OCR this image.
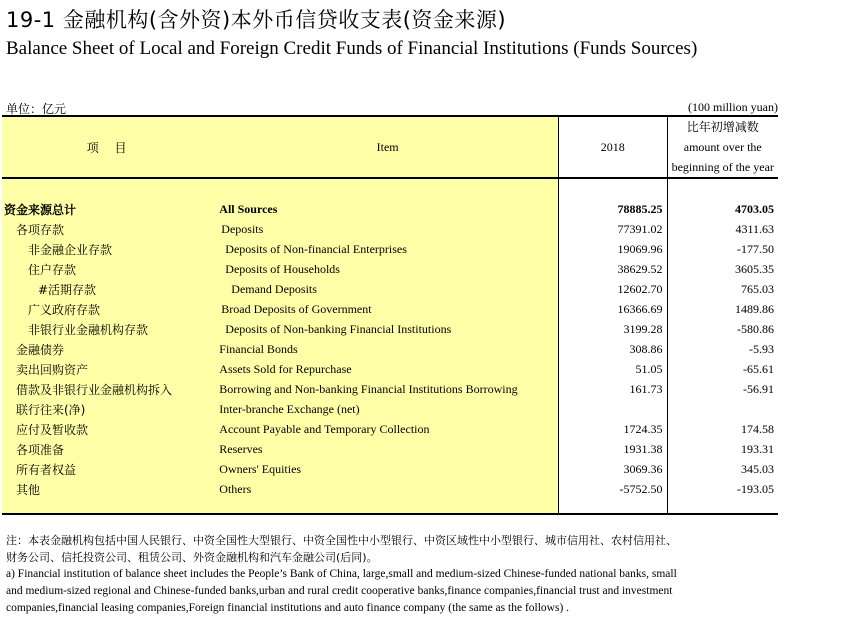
19-1 金融机构(含外资)本外币信贷收支表(资金来源)
Balance Sheet of Local and Foreign Credit Funds of Financial Institutions (Funds Sources)
单位：亿元	(100 million yuan)
项 目	Item	2018	比年初增减数
amount over the
beginning of the year

资金来源总计	All Sources	78885.25	4703.05
各项存款	Deposits	77391.02	4311.63
非金融企业存款	Deposits of Non-financial Enterprises	19069.96	-177.50
住户存款	Deposits of Households	38629.52	3605.35
#活期存款	Demand Deposits	12602.70	765.03
广义政府存款	Broad Deposits of Government	16366.69	1489.86
非银行业金融机构存款	Deposits of Non-banking Financial Institutions	3199.28	-580.86
金融债券	Financial Bonds	308.86	-5.93
卖出回购资产	Assets Sold for Repurchase	51.05	-65.61
借款及非银行业金融机构拆入	Borrowing and Non-banking Financial Institutions Borrowing	161.73	-56.91
联行往来(净)	Inter-branche Exchange (net)		
应付及暂收款	Account Payable and Temporary Collection	1724.35	174.58
各项准备	Reserves	1931.38	193.31
所有者权益	Owners' Equities	3069.36	345.03
其他	Others	-5752.50	-193.05

注：本表金融机构包括中国人民银行、中资全国性大型银行、中资全国性中小型银行、中资区域性中小型银行、城市信用社、农村信用社、
财务公司、信托投资公司、租赁公司、外资金融机构和汽车金融公司(后同)。
a) Financial institution of balance sheet includes the People’s Bank of China, large,small and medium-sized Chinese-funded national banks, small
and medium-sized regional and Chinese-funded banks,urban and rural credit cooperative banks,finance companies,financial trust and investment
companies,financial leasing companies,Foreign financial institutions and auto finance company (the same as the follows) .
